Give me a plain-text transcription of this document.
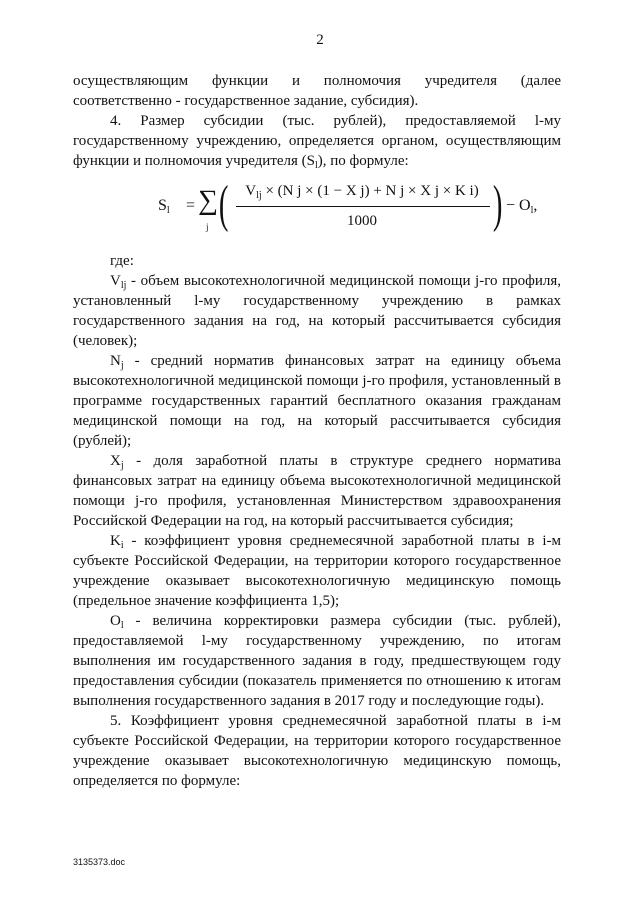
2

осуществляющим функции и полномочия учредителя (далее соответственно - государственное задание, субсидия).

4. Размер субсидии (тыс. рублей), предоставляемой l-му государственному учреждению, определяется органом, осуществляющим функции и полномочия учредителя $(S_l)$, по формуле:

$S_l$ = ∑
j (	$V_{lj} \times (N$ j × (1 − X j) + N j × X j × K i)
1000	) − $O_l$,

где:

$V_{lj}$ - объем высокотехнологичной медицинской помощи j-го профиля, установленный l-му государственному учреждению в рамках государственного задания на год, на который рассчитывается субсидия (человек);

$N_j$ - средний норматив финансовых затрат на единицу объема высокотехнологичной медицинской помощи j-го профиля, установленный в программе государственных гарантий бесплатного оказания гражданам медицинской помощи на год, на который рассчитывается субсидия (рублей);

$X_j$ - доля заработной платы в структуре среднего норматива финансовых затрат на единицу объема высокотехнологичной медицинской помощи j-го профиля, установленная Министерством здравоохранения Российской Федерации на год, на который рассчитывается субсидия;

$K_i$ - коэффициент уровня среднемесячной заработной платы в i-м субъекте Российской Федерации, на территории которого государственное учреждение оказывает высокотехнологичную медицинскую помощь (предельное значение коэффициента 1,5);

$O_l$ - величина корректировки размера субсидии (тыс. рублей), предоставляемой l-му государственному учреждению, по итогам выполнения им государственного задания в году, предшествующем году предоставления субсидии (показатель применяется по отношению к итогам выполнения государственного задания в 2017 году и последующие годы).

5. Коэффициент уровня среднемесячной заработной платы в i-м субъекте Российской Федерации, на территории которого государственное учреждение оказывает высокотехнологичную медицинскую помощь, определяется по формуле:

3135373.doc
